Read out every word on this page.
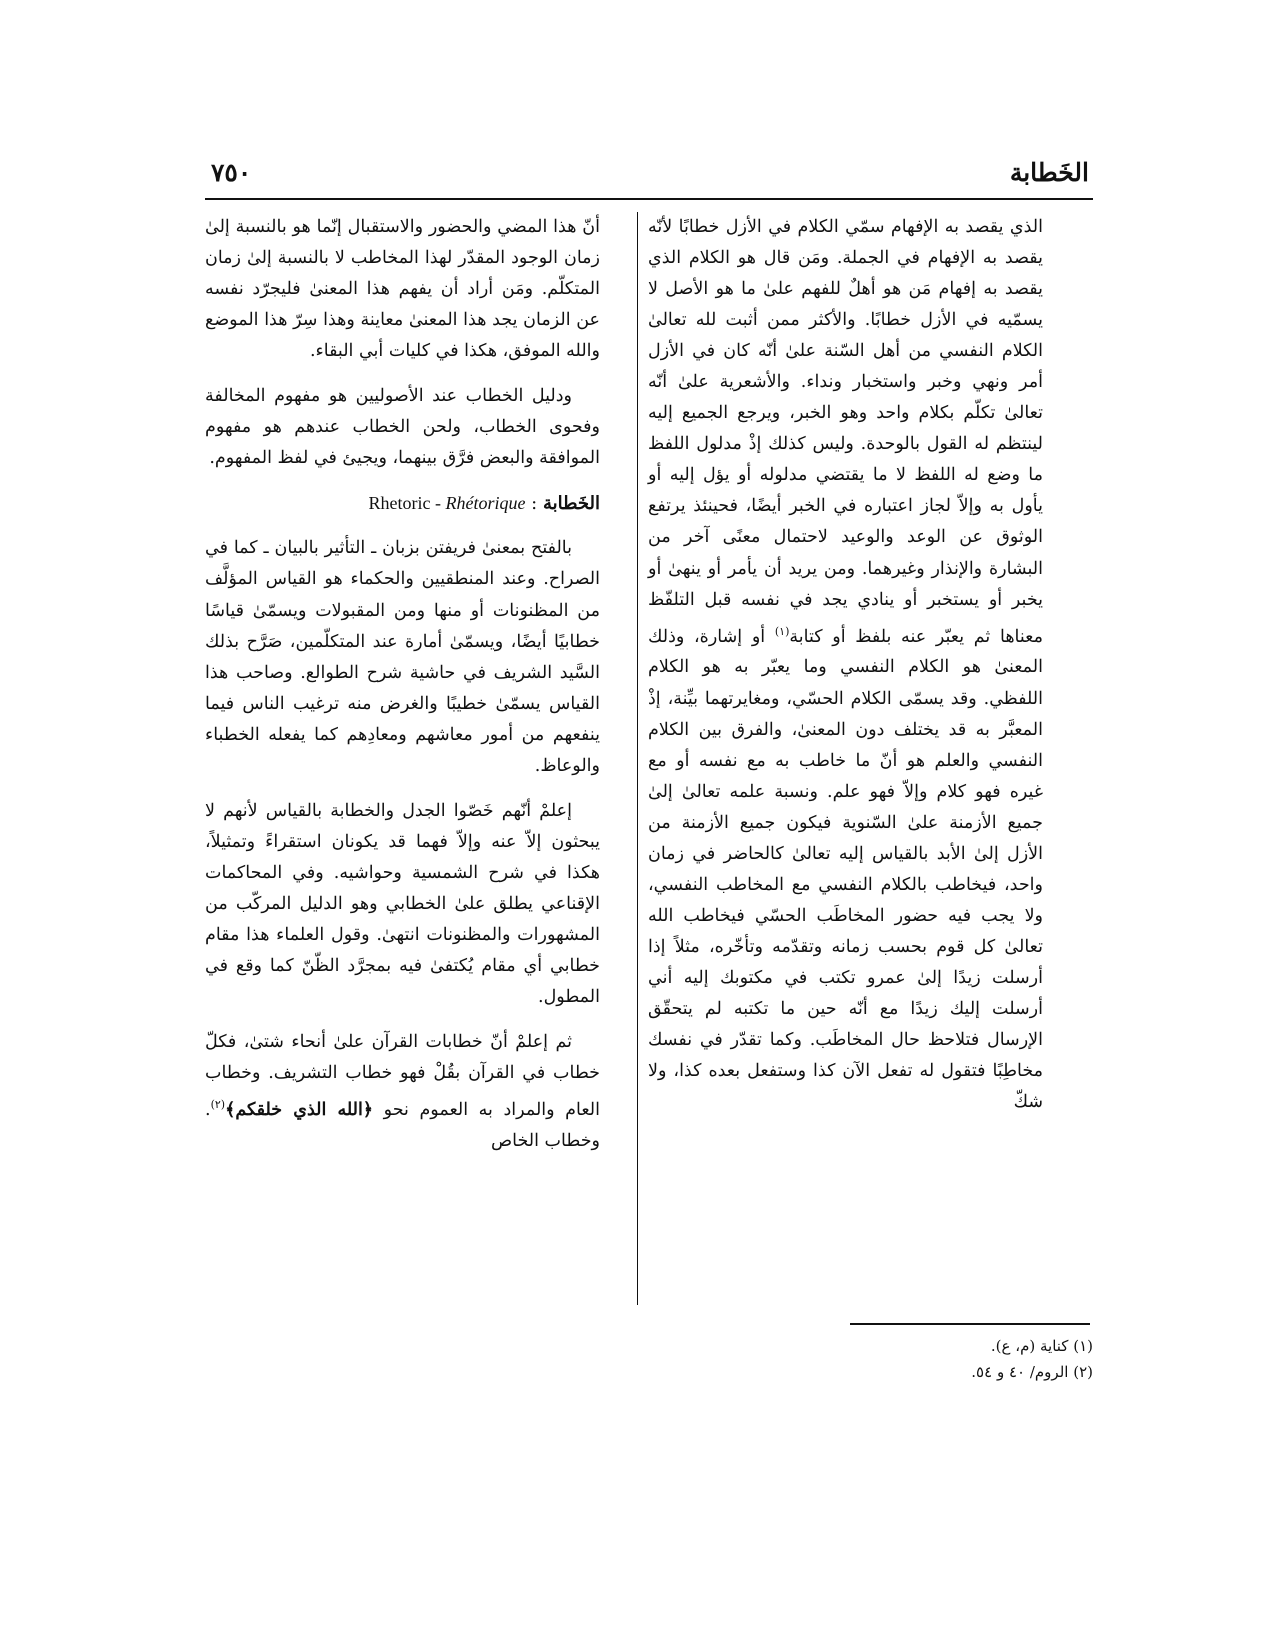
الخَطابة
٧٥٠

الذي يقصد به الإفهام سمّي الكلام في الأزل خطابًا لأنّه يقصد به الإفهام في الجملة. ومَن قال هو الكلام الذي يقصد به إفهام مَن هو أهلٌ للفهم علىٰ ما هو الأصل لا يسمّيه في الأزل خطابًا. والأكثر ممن أثبت لله تعالىٰ الكلام النفسي من أهل السّنة علىٰ أنّه كان في الأزل أمر ونهي وخبر واستخبار ونداء. والأشعرية علىٰ أنّه تعالىٰ تكلّم بكلام واحد وهو الخبر، ويرجع الجميع إليه لينتظم له القول بالوحدة. وليس كذلك إذْ مدلول اللفظ ما وضع له اللفظ لا ما يقتضي مدلوله أو يؤل إليه أو يأول به وإلاّ لجاز اعتباره في الخبر أيضًا، فحينئذ يرتفع الوثوق عن الوعد والوعيد لاحتمال معنًى آخر من البشارة والإنذار وغيرهما. ومن يريد أن يأمر أو ينهىٰ أو يخبر أو يستخبر أو ينادي يجد في نفسه قبل التلفّظ معناها ثم يعبّر عنه بلفظ أو كتابة$^{(١)}$ أو إشارة، وذلك المعنىٰ هو الكلام النفسي وما يعبّر به هو الكلام اللفظي. وقد يسمّى الكلام الحسّي، ومغايرتهما بيِّنة، إذْ المعبَّر به قد يختلف دون المعنىٰ، والفرق بين الكلام النفسي والعلم هو أنّ ما خاطب به مع نفسه أو مع غيره فهو كلام وإلاّ فهو علم. ونسبة علمه تعالىٰ إلىٰ جميع الأزمنة علىٰ السّنوية فيكون جميع الأزمنة من الأزل إلىٰ الأبد بالقياس إليه تعالىٰ كالحاضر في زمان واحد، فيخاطب بالكلام النفسي مع المخاطب النفسي، ولا يجب فيه حضور المخاطَب الحسّي فيخاطب الله تعالىٰ كل قوم بحسب زمانه وتقدّمه وتأخّره، مثلاً إذا أرسلت زيدًا إلىٰ عمرو تكتب في مكتوبك إليه أني أرسلت إليك زيدًا مع أنّه حين ما تكتبه لم يتحقّق الإرسال فتلاحظ حال المخاطَب. وكما تقدّر في نفسك مخاطِبًا فتقول له تفعل الآن كذا وستفعل بعده كذا، ولا شكّ

أنّ هذا المضي والحضور والاستقبال إنّما هو بالنسبة إلىٰ زمان الوجود المقدّر لهذا المخاطب لا بالنسبة إلىٰ زمان المتكلّم. ومَن أراد أن يفهم هذا المعنىٰ فليجرّد نفسه عن الزمان يجد هذا المعنىٰ معاينة وهذا سِرّ هذا الموضع والله الموفق، هكذا في كليات أبي البقاء.

ودليل الخطاب عند الأصوليين هو مفهوم المخالفة وفحوى الخطاب، ولحن الخطاب عندهم هو مفهوم الموافقة والبعض فرَّق بينهما، ويجيئ في لفظ المفهوم.

الخَطابة : Rhetoric - Rhétorique

بالفتح بمعنىٰ فريفتن بزبان ـ التأثير بالبيان ـ كما في الصراح. وعند المنطقيين والحكماء هو القياس المؤلَّف من المظنونات أو منها ومن المقبولات ويسمّىٰ قياسًا خطابيًا أيضًا، ويسمّىٰ أمارة عند المتكلّمين، صَرَّح بذلك السَّيد الشريف في حاشية شرح الطوالع. وصاحب هذا القياس يسمّىٰ خطيبًا والغرض منه ترغيب الناس فيما ينفعهم من أمور معاشهم ومعادِهم كما يفعله الخطباء والوعاظ.

إعلمْ أنّهم خَصّوا الجدل والخطابة بالقياس لأنهم لا يبحثون إلاّ عنه وإلاّ فهما قد يكونان استقراءً وتمثيلاً، هكذا في شرح الشمسية وحواشيه. وفي المحاكمات الإقناعي يطلق علىٰ الخطابي وهو الدليل المركّب من المشهورات والمظنونات انتهىٰ. وقول العلماء هذا مقام خطابي أي مقام يُكتفىٰ فيه بمجرَّد الظّنّ كما وقع في المطول.

ثم إعلمْ أنّ خطابات القرآن علىٰ أنحاء شتىٰ، فكلّ خطاب في القرآن بقُلْ فهو خطاب التشريف. وخطاب العام والمراد به العموم نحو ﴿الله الذي خلقكم﴾$^{(٢)}$. وخطاب الخاص

(١) كناية (م، ع).
(٢) الروم/ ٤٠ و ٥٤.
